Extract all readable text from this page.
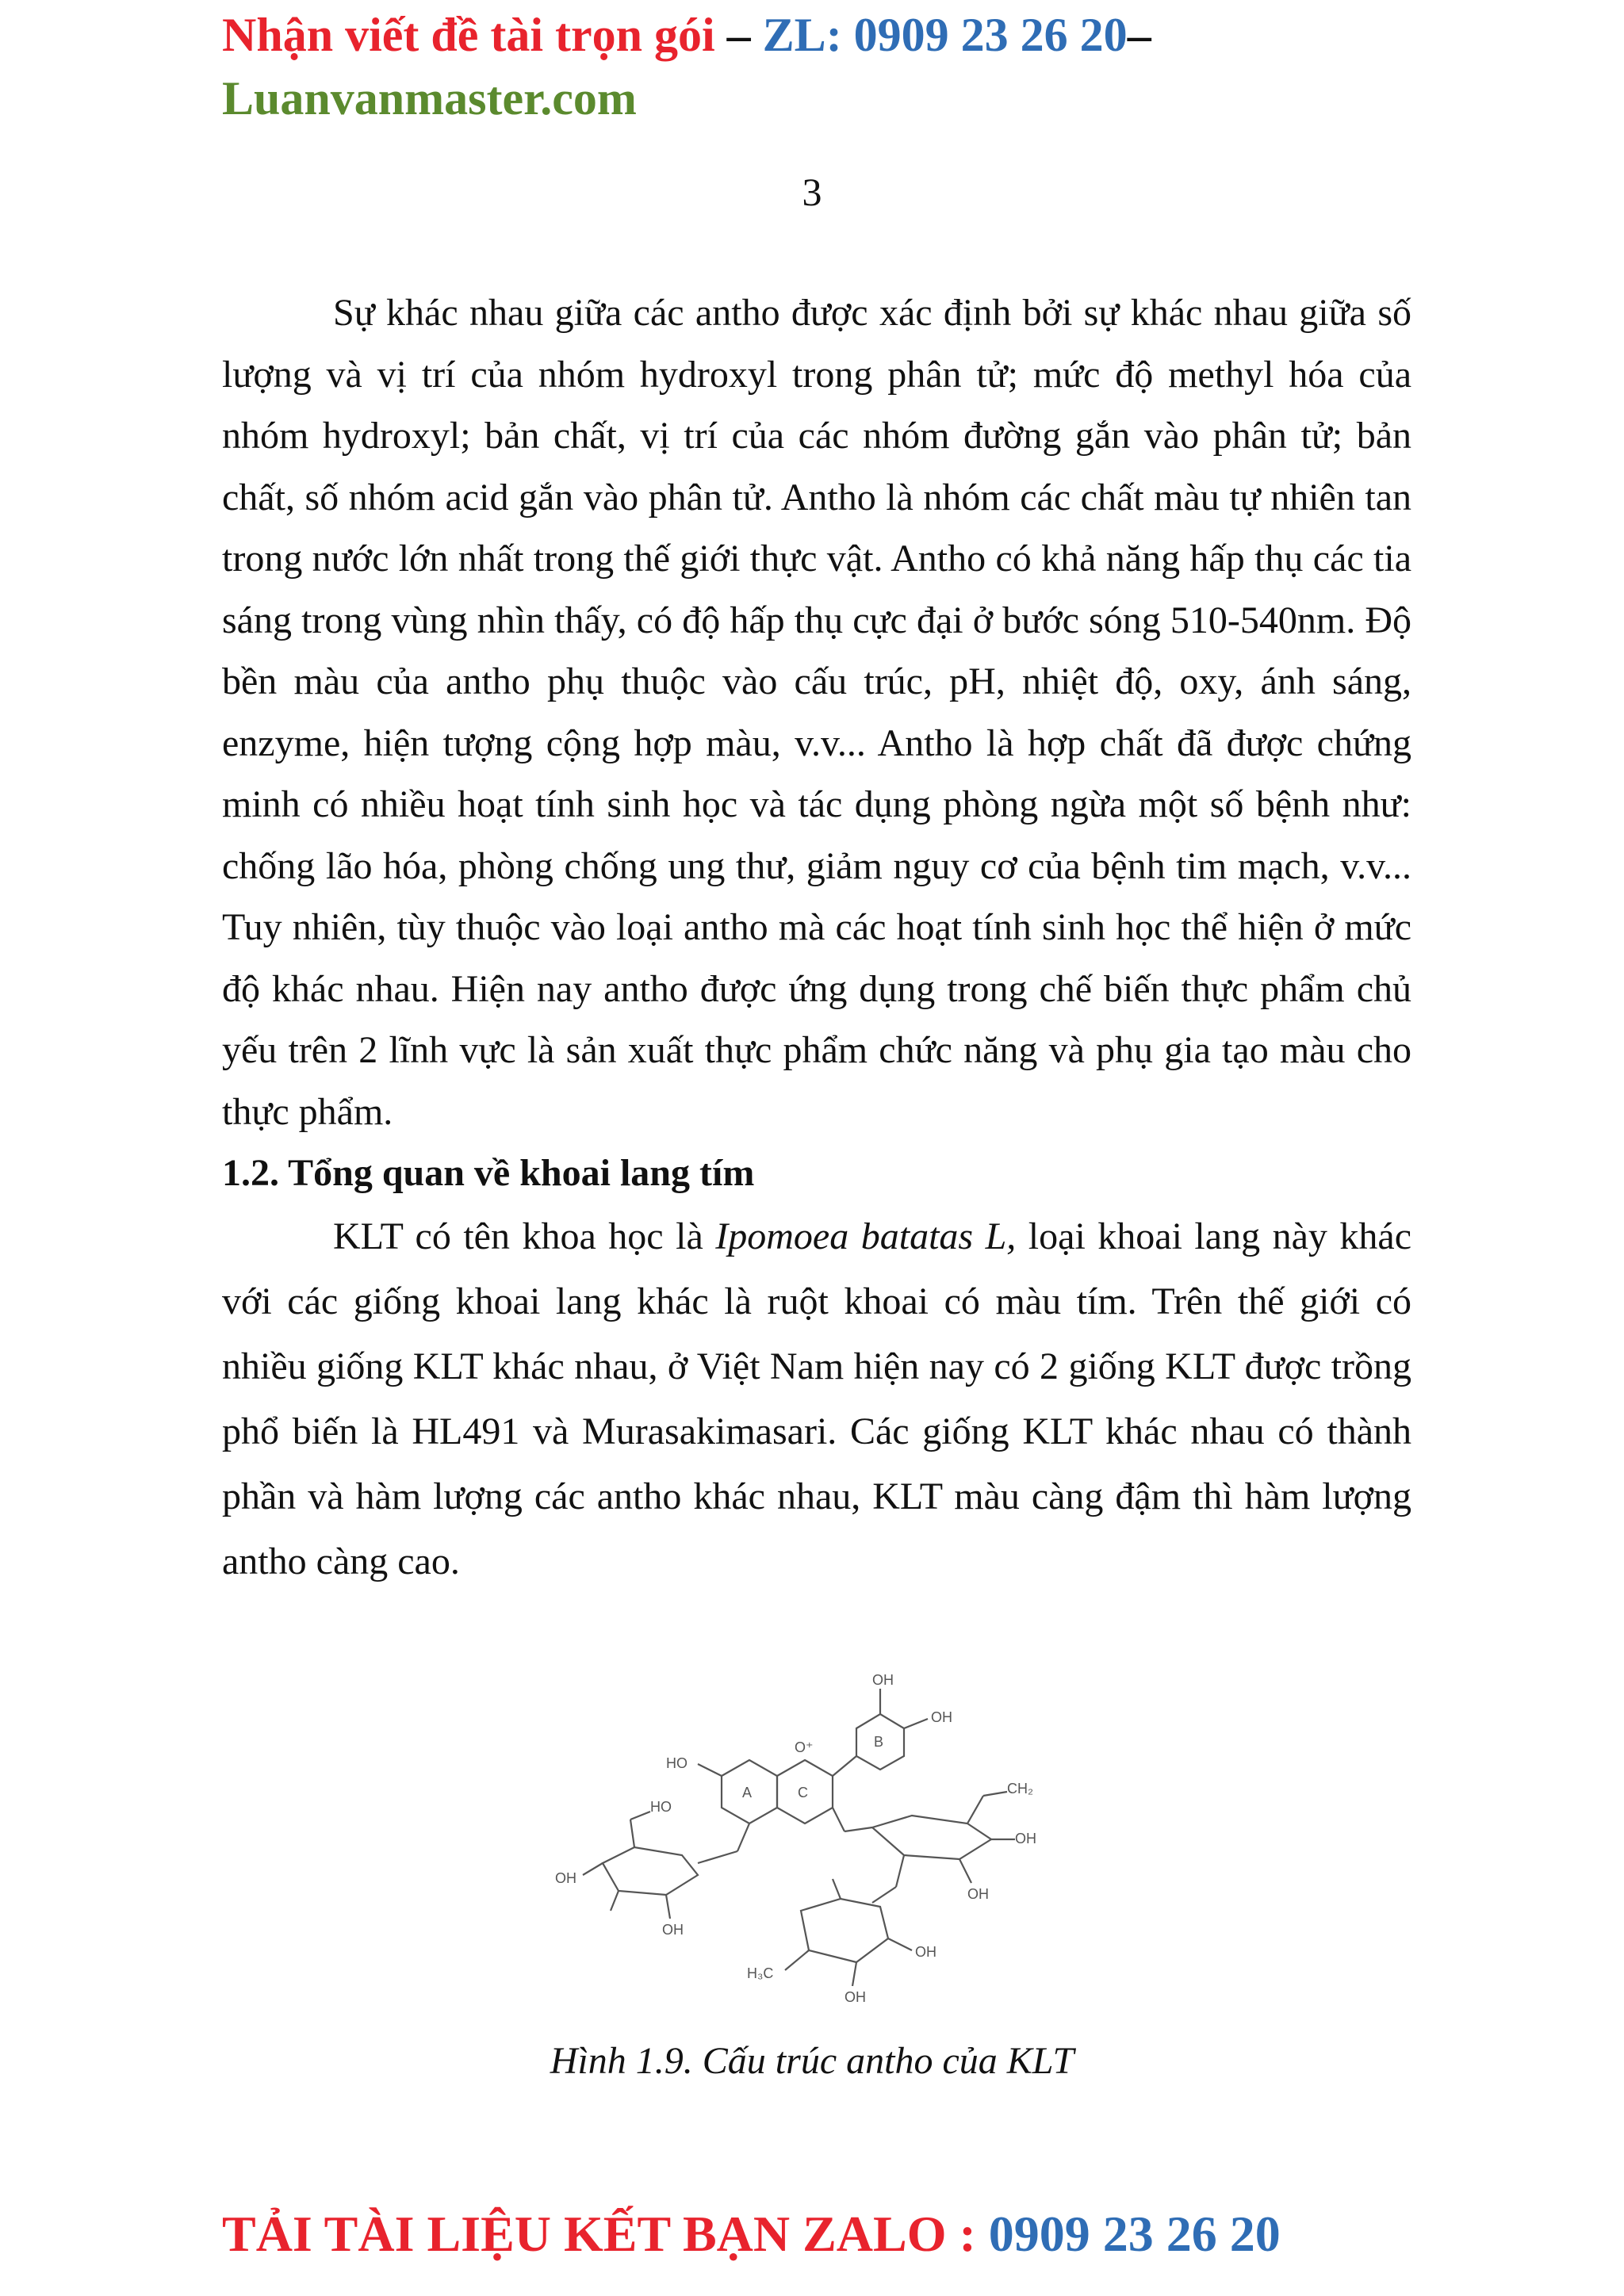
Nhận viết đề tài trọn gói – ZL: 0909 23 26 20–
Luanvanmaster.com
3

Sự khác nhau giữa các antho được xác định bởi sự khác nhau giữa số lượng và vị trí của nhóm hydroxyl trong phân tử; mức độ methyl hóa của nhóm hydroxyl; bản chất, vị trí của các nhóm đường gắn vào phân tử; bản chất, số nhóm acid gắn vào phân tử. Antho là nhóm các chất màu tự nhiên tan trong nước lớn nhất trong thế giới thực vật. Antho có khả năng hấp thụ các tia sáng trong vùng nhìn thấy, có độ hấp thụ cực đại ở bước sóng 510-540nm. Độ bền màu của antho phụ thuộc vào cấu trúc, pH, nhiệt độ, oxy, ánh sáng, enzyme, hiện tượng cộng hợp màu, v.v... Antho là hợp chất đã được chứng minh có nhiều hoạt tính sinh học và tác dụng phòng ngừa một số bệnh như: chống lão hóa, phòng chống ung thư, giảm nguy cơ của bệnh tim mạch, v.v... Tuy nhiên, tùy thuộc vào loại antho mà các hoạt tính sinh học thể hiện ở mức độ khác nhau. Hiện nay antho được ứng dụng trong chế biến thực phẩm chủ yếu trên 2 lĩnh vực là sản xuất thực phẩm chức năng và phụ gia tạo màu cho thực phẩm.

1.2. Tổng quan về khoai lang tím

KLT có tên khoa học là Ipomoea batatas L, loại khoai lang này khác với các giống khoai lang khác là ruột khoai có màu tím. Trên thế giới có nhiều giống KLT khác nhau, ở Việt Nam hiện nay có 2 giống KLT được trồng phổ biến là HL491 và Murasakimasari. Các giống KLT khác nhau có thành phần và hàm lượng các antho khác nhau, KLT màu càng đậm thì hàm lượng antho càng cao.

A	C
B
O⁺
HO
OH
OH
HO
OH
OH
OH
OH
CH₂
H₃C
OH
OH
Hình 1.9. Cấu trúc antho của KLT
TẢI TÀI LIỆU KẾT BẠN ZALO : 0909 23 26 20
